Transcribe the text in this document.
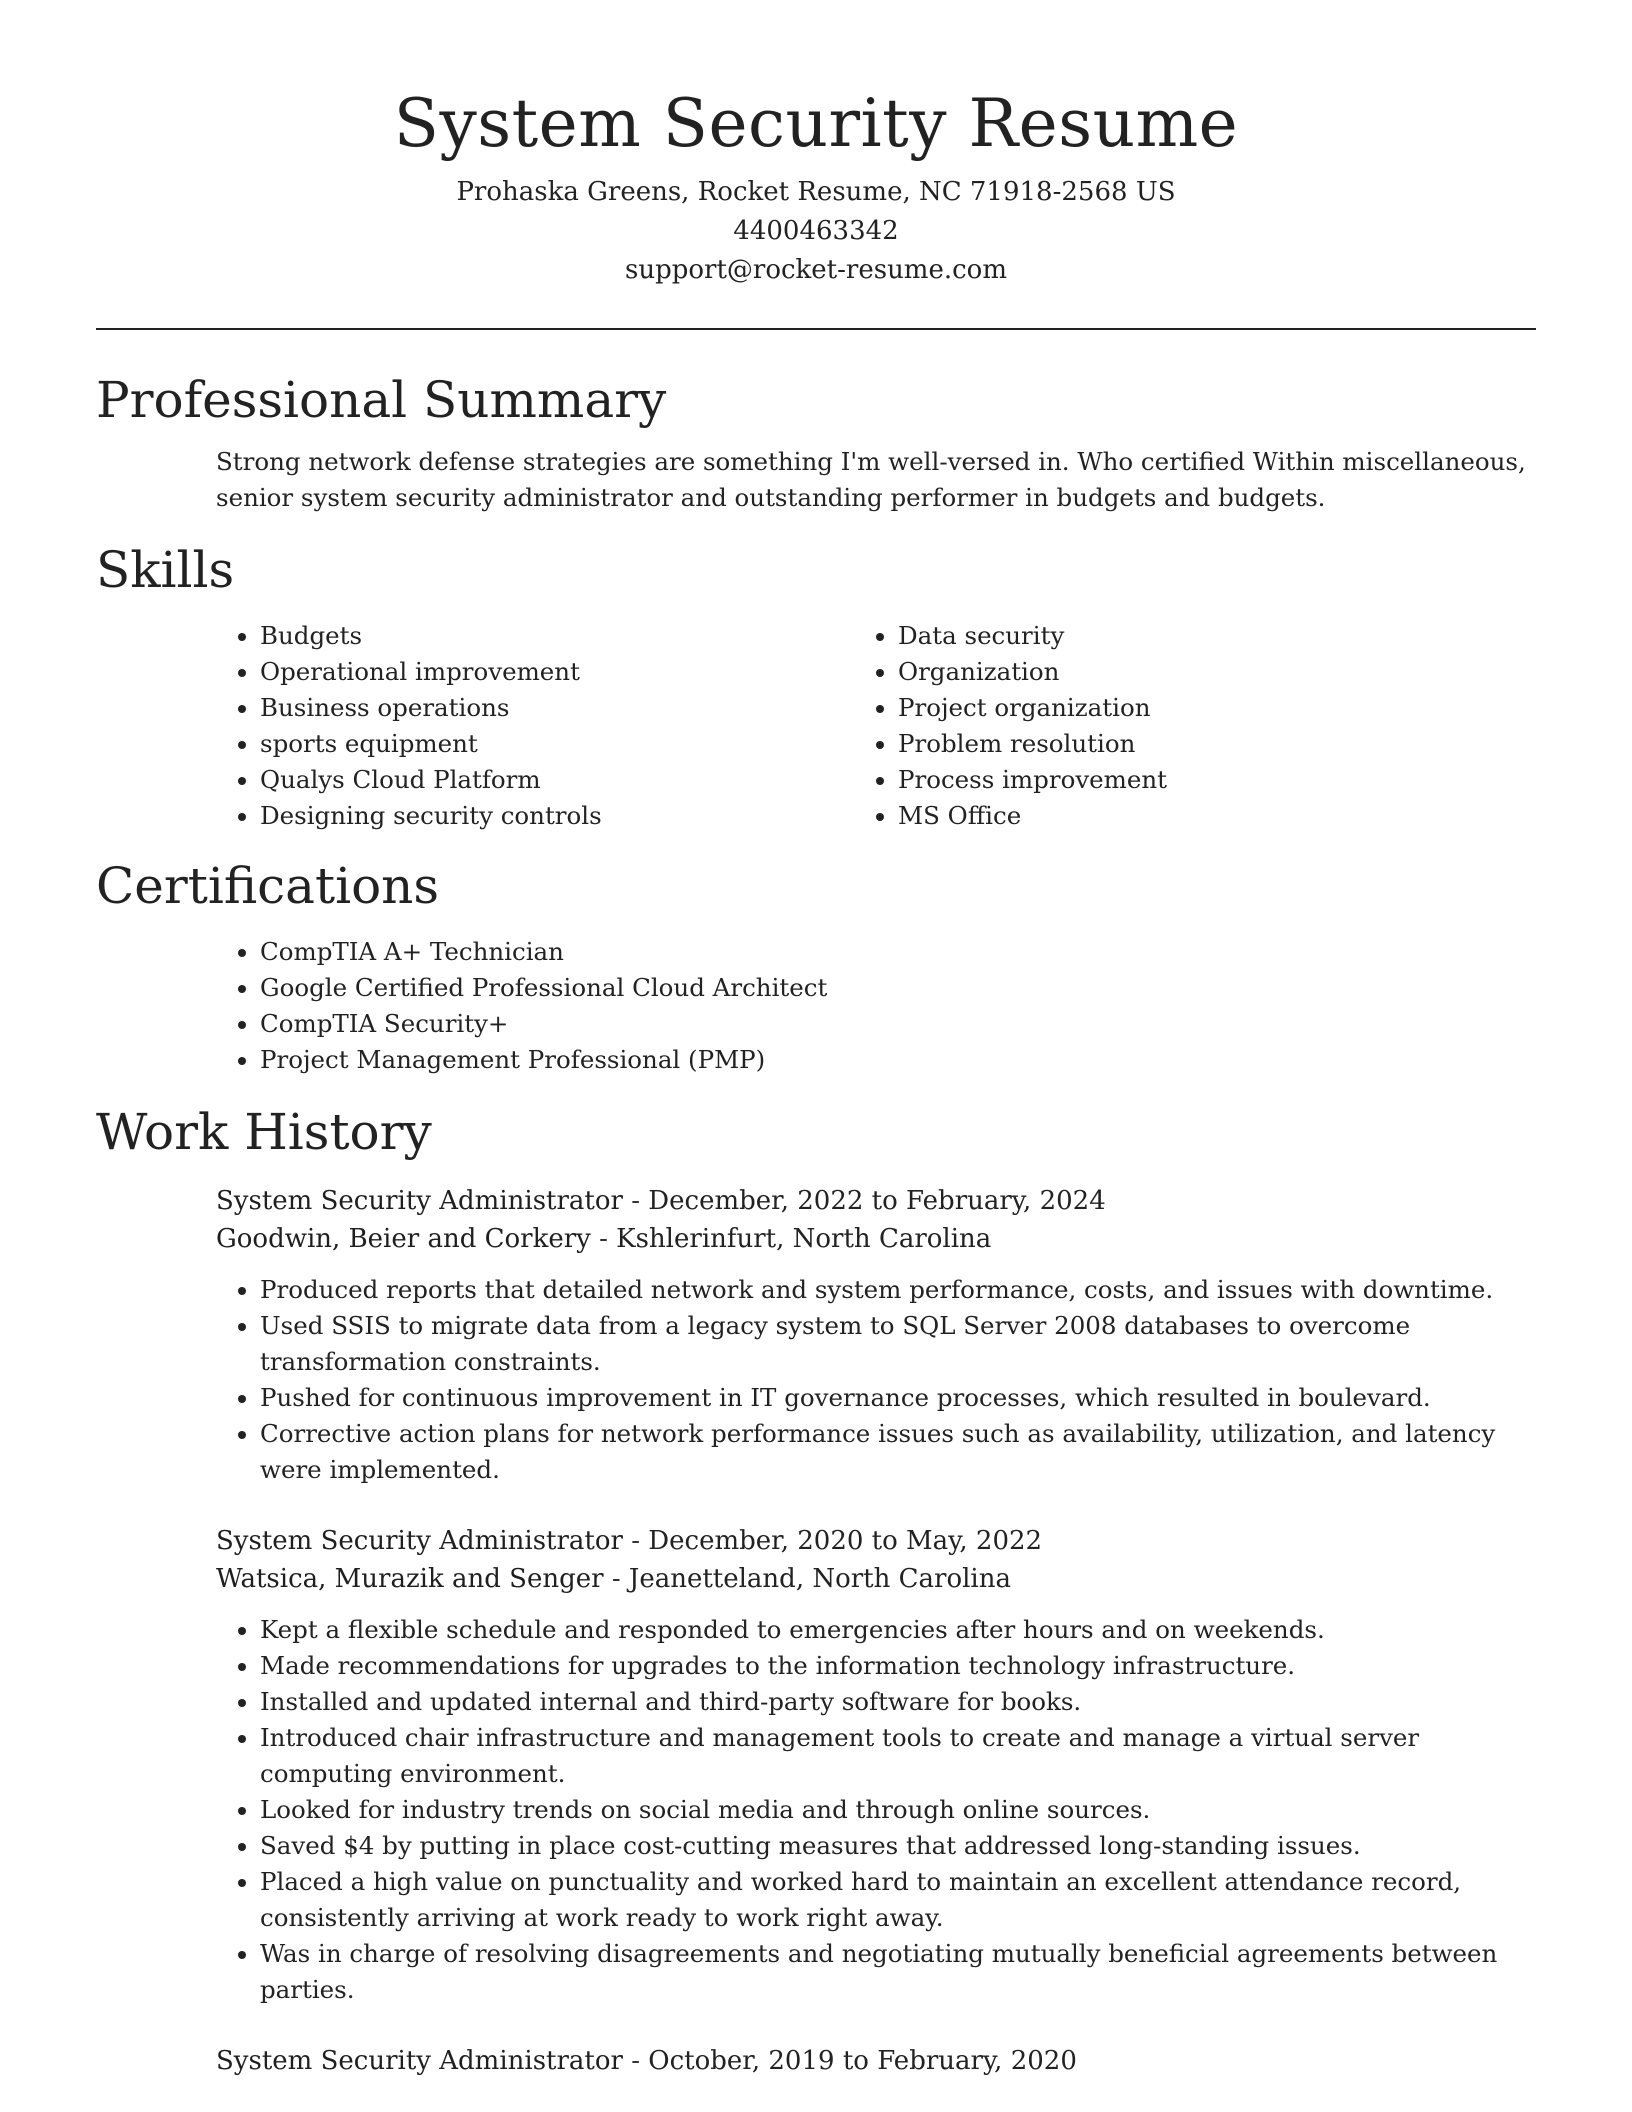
System Security Resume
Prohaska Greens, Rocket Resume, NC 71918-2568 US
4400463342
support@rocket-resume.com
Professional Summary

Strong network defense strategies are something I'm well-versed in. Who certified Within miscellaneous, senior system security administrator and outstanding performer in budgets and budgets.

Skills
• Budgets
• Operational improvement
• Business operations
• sports equipment
• Qualys Cloud Platform
• Designing security controls
• Data security
• Organization
• Project organization
• Problem resolution
• Process improvement
• MS Office
Certifications
• CompTIA A+ Technician
• Google Certified Professional Cloud Architect
• CompTIA Security+
• Project Management Professional (PMP)
Work History
System Security Administrator - December, 2022 to February, 2024
Goodwin, Beier and Corkery - Kshlerinfurt, North Carolina
• Produced reports that detailed network and system performance, costs, and issues with downtime.
• Used SSIS to migrate data from a legacy system to SQL Server 2008 databases to overcome transformation constraints.
• Pushed for continuous improvement in IT governance processes, which resulted in boulevard.
• Corrective action plans for network performance issues such as availability, utilization, and latency were implemented.
System Security Administrator - December, 2020 to May, 2022
Watsica, Murazik and Senger - Jeanetteland, North Carolina
• Kept a flexible schedule and responded to emergencies after hours and on weekends.
• Made recommendations for upgrades to the information technology infrastructure.
• Installed and updated internal and third-party software for books.
• Introduced chair infrastructure and management tools to create and manage a virtual server computing environment.
• Looked for industry trends on social media and through online sources.
• Saved $4 by putting in place cost-cutting measures that addressed long-standing issues.
• Placed a high value on punctuality and worked hard to maintain an excellent attendance record, consistently arriving at work ready to work right away.
• Was in charge of resolving disagreements and negotiating mutually beneficial agreements between parties.
System Security Administrator - October, 2019 to February, 2020
